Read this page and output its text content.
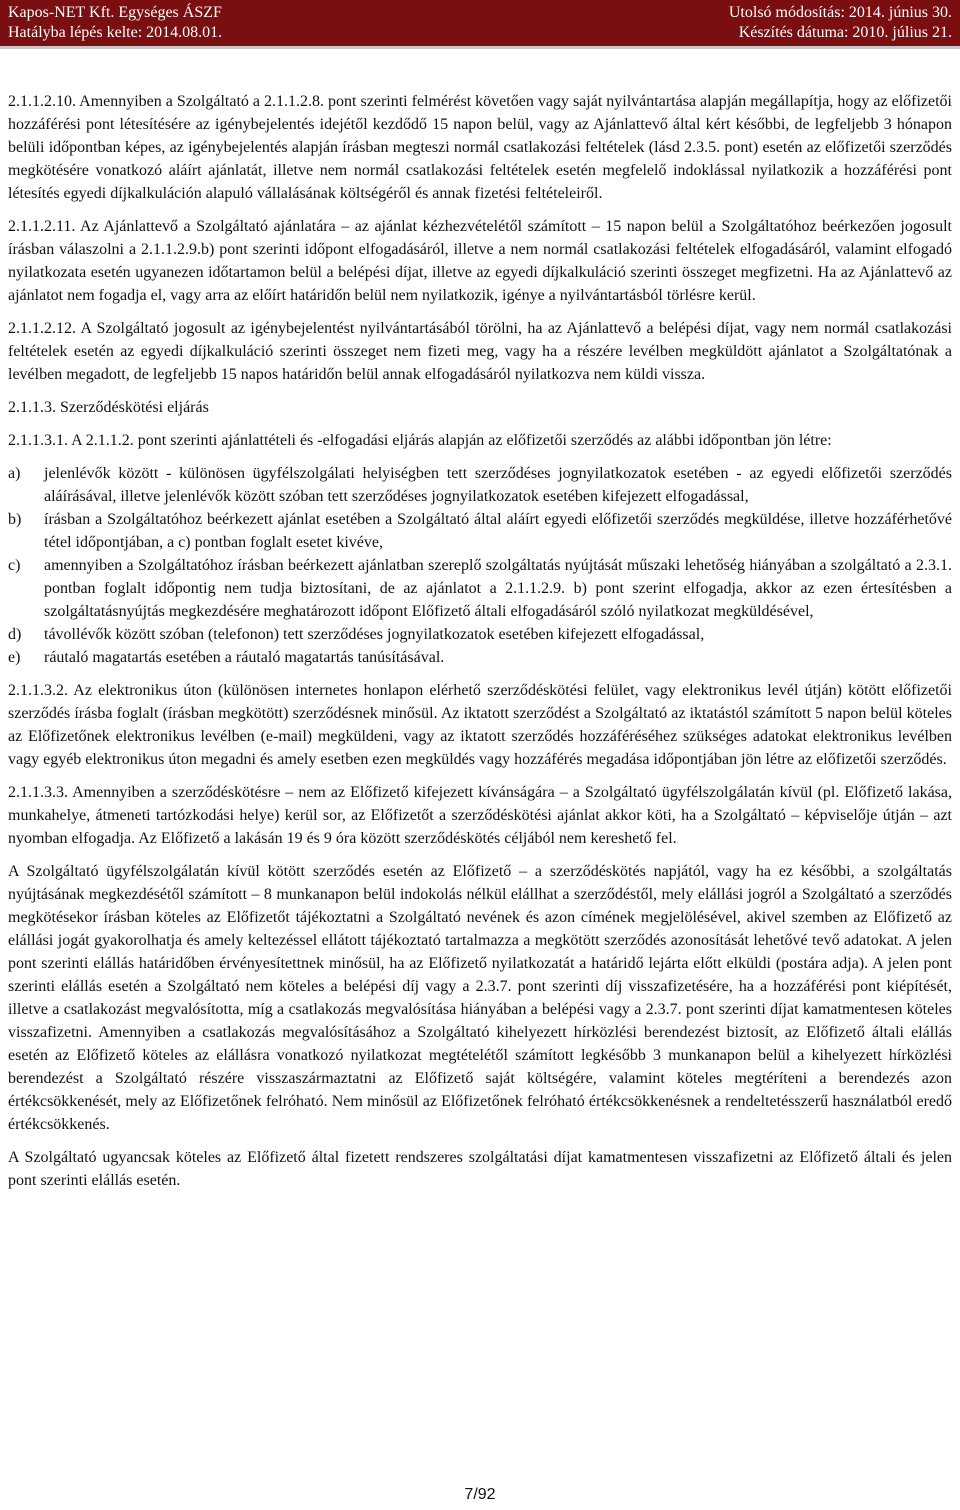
Kapos-NET Kft. Egységes ÁSZF
Hatályba lépés kelte: 2014.08.01.
Utolsó módosítás: 2014. június 30.
Készítés dátuma: 2010. július 21.

2.1.1.2.10. Amennyiben a Szolgáltató a 2.1.1.2.8. pont szerinti felmérést követően vagy saját nyilvántartása alapján megállapítja, hogy az előfizetői hozzáférési pont létesítésére az igénybejelentés idejétől kezdődő 15 napon belül, vagy az Ajánlattevő által kért későbbi, de legfeljebb 3 hónapon belüli időpontban képes, az igénybejelentés alapján írásban megteszi normál csatlakozási feltételek (lásd 2.3.5. pont) esetén az előfizetői szerződés megkötésére vonatkozó aláírt ajánlatát, illetve nem normál csatlakozási feltételek esetén megfelelő indoklással nyilatkozik a hozzáférési pont létesítés egyedi díjkalkuláción alapuló vállalásának költségéről és annak fizetési feltételeiről.

2.1.1.2.11. Az Ajánlattevő a Szolgáltató ajánlatára – az ajánlat kézhezvételétől számított – 15 napon belül a Szolgáltatóhoz beérkezően jogosult írásban válaszolni a 2.1.1.2.9.b) pont szerinti időpont elfogadásáról, illetve a nem normál csatlakozási feltételek elfogadásáról, valamint elfogadó nyilatkozata esetén ugyanezen időtartamon belül a belépési díjat, illetve az egyedi díjkalkuláció szerinti összeget megfizetni. Ha az Ajánlattevő az ajánlatot nem fogadja el, vagy arra az előírt határidőn belül nem nyilatkozik, igénye a nyilvántartásból törlésre kerül.

2.1.1.2.12. A Szolgáltató jogosult az igénybejelentést nyilvántartásából törölni, ha az Ajánlattevő a belépési díjat, vagy nem normál csatlakozási feltételek esetén az egyedi díjkalkuláció szerinti összeget nem fizeti meg, vagy ha a részére levélben megküldött ajánlatot a Szolgáltatónak a levélben megadott, de legfeljebb 15 napos határidőn belül annak elfogadásáról nyilatkozva nem küldi vissza.

2.1.1.3. Szerződéskötési eljárás

2.1.1.3.1. A 2.1.1.2. pont szerinti ajánlattételi és -elfogadási eljárás alapján az előfizetői szerződés az alábbi időpontban jön létre:

a) jelenlévők között - különösen ügyfélszolgálati helyiségben tett szerződéses jognyilatkozatok esetében - az egyedi előfizetői szerződés aláírásával, illetve jelenlévők között szóban tett szerződéses jognyilatkozatok esetében kifejezett elfogadással,
b) írásban a Szolgáltatóhoz beérkezett ajánlat esetében a Szolgáltató által aláírt egyedi előfizetői szerződés megküldése, illetve hozzáférhetővé tétel időpontjában, a c) pontban foglalt esetet kivéve,
c) amennyiben a Szolgáltatóhoz írásban beérkezett ajánlatban szereplő szolgáltatás nyújtását műszaki lehetőség hiányában a szolgáltató a 2.3.1. pontban foglalt időpontig nem tudja biztosítani, de az ajánlatot a 2.1.1.2.9. b) pont szerint elfogadja, akkor az ezen értesítésben a szolgáltatásnyújtás megkezdésére meghatározott időpont Előfizető általi elfogadásáról szóló nyilatkozat megküldésével,
d) távollévők között szóban (telefonon) tett szerződéses jognyilatkozatok esetében kifejezett elfogadással,
e) ráutaló magatartás esetében a ráutaló magatartás tanúsításával.

2.1.1.3.2. Az elektronikus úton (különösen internetes honlapon elérhető szerződéskötési felület, vagy elektronikus levél útján) kötött előfizetői szerződés írásba foglalt (írásban megkötött) szerződésnek minősül. Az iktatott szerződést a Szolgáltató az iktatástól számított 5 napon belül köteles az Előfizetőnek elektronikus levélben (e-mail) megküldeni, vagy az iktatott szerződés hozzáféréséhez szükséges adatokat elektronikus levélben vagy egyéb elektronikus úton megadni és amely esetben ezen megküldés vagy hozzáférés megadása időpontjában jön létre az előfizetői szerződés.

2.1.1.3.3. Amennyiben a szerződéskötésre – nem az Előfizető kifejezett kívánságára – a Szolgáltató ügyfélszolgálatán kívül (pl. Előfizető lakása, munkahelye, átmeneti tartózkodási helye) kerül sor, az Előfizetőt a szerződéskötési ajánlat akkor köti, ha a Szolgáltató – képviselője útján – azt nyomban elfogadja. Az Előfizető a lakásán 19 és 9 óra között szerződéskötés céljából nem kereshető fel.

A Szolgáltató ügyfélszolgálatán kívül kötött szerződés esetén az Előfizető – a szerződéskötés napjától, vagy ha ez későbbi, a szolgáltatás nyújtásának megkezdésétől számított – 8 munkanapon belül indokolás nélkül elállhat a szerződéstől, mely elállási jogról a Szolgáltató a szerződés megkötésekor írásban köteles az Előfizetőt tájékoztatni a Szolgáltató nevének és azon címének megjelölésével, akivel szemben az Előfizető az elállási jogát gyakorolhatja és amely keltezéssel ellátott tájékoztató tartalmazza a megkötött szerződés azonosítását lehetővé tevő adatokat. A jelen pont szerinti elállás határidőben érvényesítettnek minősül, ha az Előfizető nyilatkozatát a határidő lejárta előtt elküldi (postára adja). A jelen pont szerinti elállás esetén a Szolgáltató nem köteles a belépési díj vagy a 2.3.7. pont szerinti díj visszafizetésére, ha a hozzáférési pont kiépítését, illetve a csatlakozást megvalósította, míg a csatlakozás megvalósítása hiányában a belépési vagy a 2.3.7. pont szerinti díjat kamatmentesen köteles visszafizetni. Amennyiben a csatlakozás megvalósításához a Szolgáltató kihelyezett hírközlési berendezést biztosít, az Előfizető általi elállás esetén az Előfizető köteles az elállásra vonatkozó nyilatkozat megtételétől számított legkésőbb 3 munkanapon belül a kihelyezett hírközlési berendezést a Szolgáltató részére visszaszármaztatni az Előfizető saját költségére, valamint köteles megtéríteni a berendezés azon értékcsökkenését, mely az Előfizetőnek felróható. Nem minősül az Előfizetőnek felróható értékcsökkenésnek a rendeltetésszerű használatból eredő értékcsökkenés.

A Szolgáltató ugyancsak köteles az Előfizető által fizetett rendszeres szolgáltatási díjat kamatmentesen visszafizetni az Előfizető általi és jelen pont szerinti elállás esetén.

7/92
